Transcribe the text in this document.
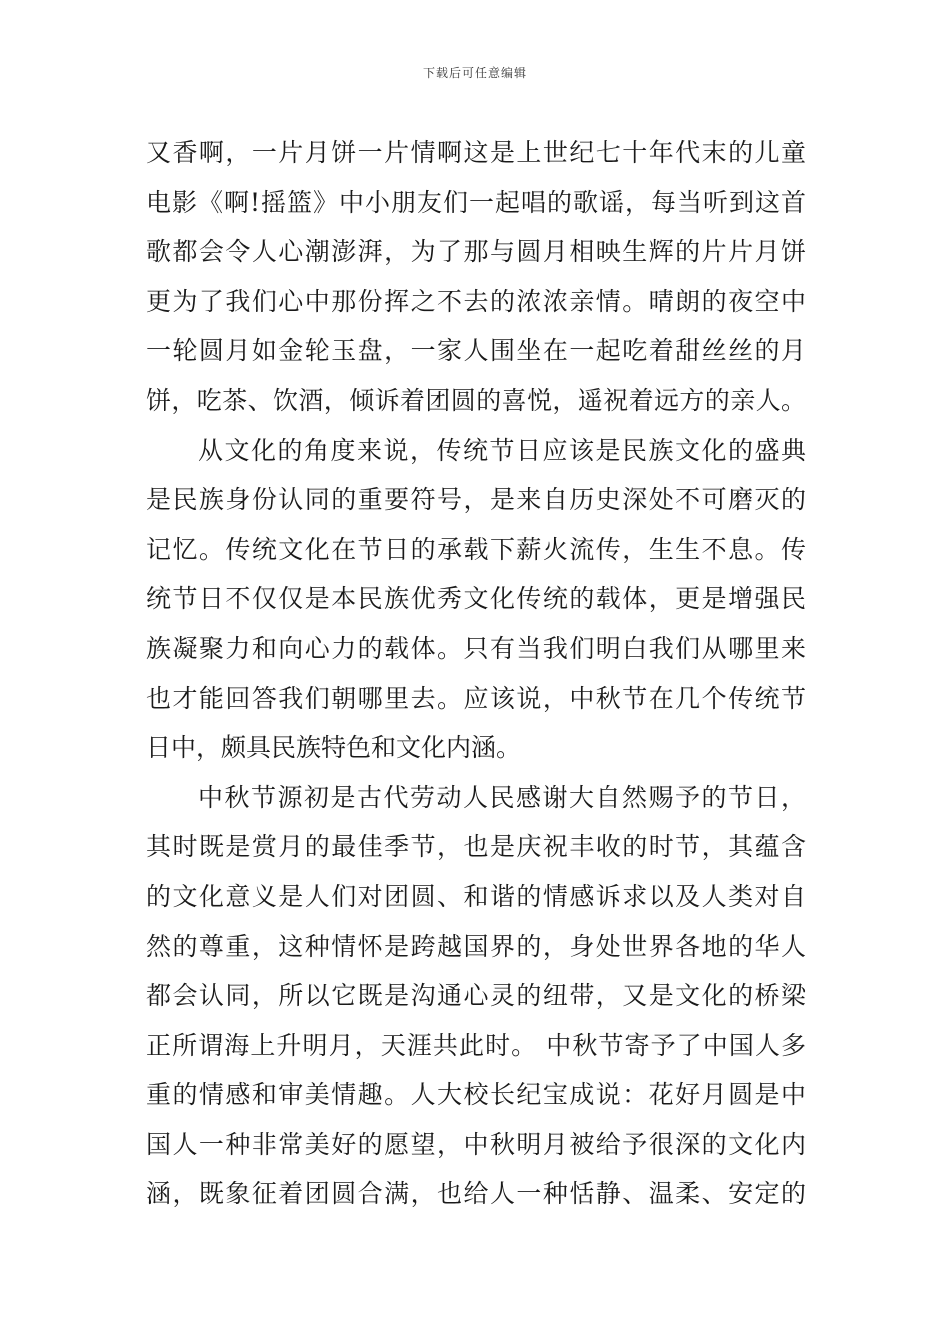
下载后可任意编辑
又香啊，一片月饼一片情啊这是上世纪七十年代末的儿童
电影《啊!摇篮》中小朋友们一起唱的歌谣，每当听到这首
歌都会令人心潮澎湃，为了那与圆月相映生辉的片片月饼
更为了我们心中那份挥之不去的浓浓亲情。晴朗的夜空中
一轮圆月如金轮玉盘，一家人围坐在一起吃着甜丝丝的月
饼，吃茶、饮酒，倾诉着团圆的喜悦，遥祝着远方的亲人。
从文化的角度来说，传统节日应该是民族文化的盛典
是民族身份认同的重要符号，是来自历史深处不可磨灭的
记忆。传统文化在节日的承载下薪火流传，生生不息。传
统节日不仅仅是本民族优秀文化传统的载体，更是增强民
族凝聚力和向心力的载体。只有当我们明白我们从哪里来
也才能回答我们朝哪里去。应该说，中秋节在几个传统节
日中，颇具民族特色和文化内涵。
中秋节源初是古代劳动人民感谢大自然赐予的节日，
其时既是赏月的最佳季节，也是庆祝丰收的时节，其蕴含
的文化意义是人们对团圆、和谐的情感诉求以及人类对自
然的尊重，这种情怀是跨越国界的，身处世界各地的华人
都会认同，所以它既是沟通心灵的纽带，又是文化的桥梁
正所谓海上升明月，天涯共此时。 中秋节寄予了中国人多
重的情感和审美情趣。人大校长纪宝成说：花好月圆是中
国人一种非常美好的愿望，中秋明月被给予很深的文化内
涵，既象征着团圆合满，也给人一种恬静、温柔、安定的
